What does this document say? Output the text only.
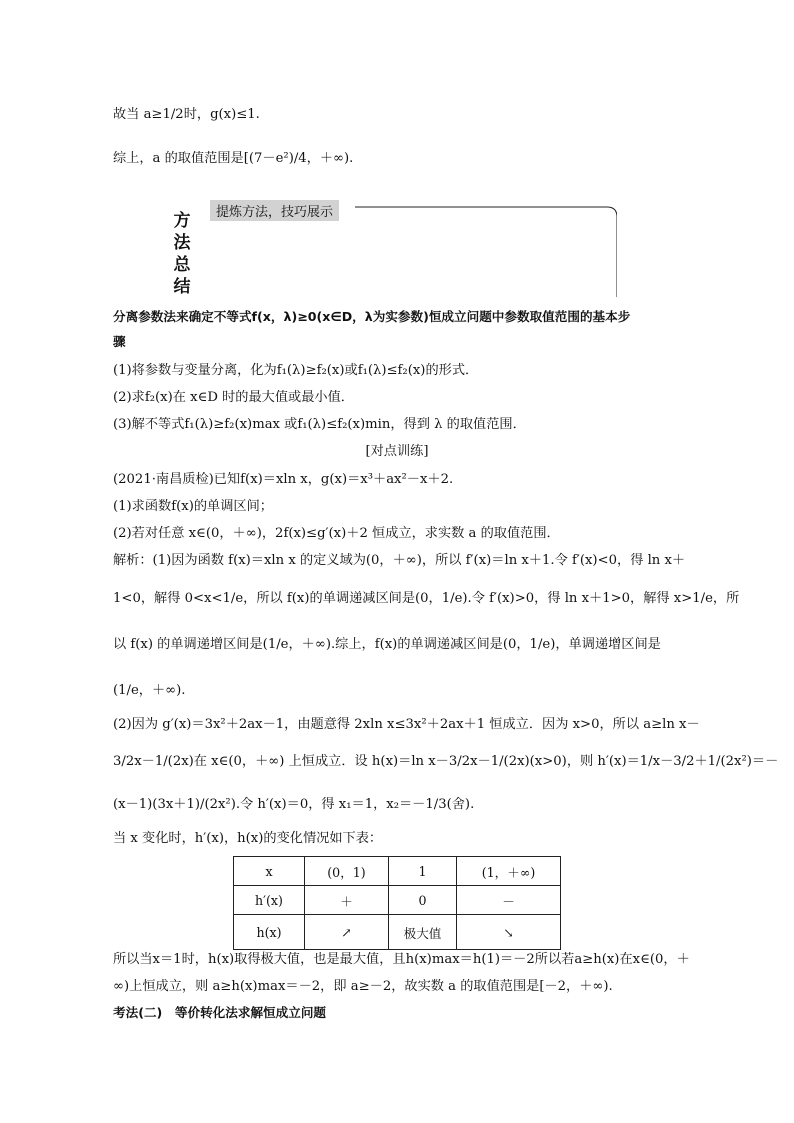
故当 a≥1/2时，g(x)≤1.
综上，a 的取值范围是[(7－e²)/4，＋∞).
提炼方法，技巧展示
方法总结
分离参数法来确定不等式f(x，λ)≥0(x∈D，λ为实参数)恒成立问题中参数取值范围的基本步
骤
(1)将参数与变量分离，化为f₁(λ)≥f₂(x)或f₁(λ)≤f₂(x)的形式．
(2)求f₂(x)在 x∈D 时的最大值或最小值．
(3)解不等式f₁(λ)≥f₂(x)max 或f₁(λ)≤f₂(x)min，得到 λ 的取值范围．
[对点训练]
(2021·南昌质检)已知f(x)＝xln x，g(x)＝x³＋ax²－x＋2.
(1)求函数f(x)的单调区间；
(2)若对任意 x∈(0，＋∞)，2f(x)≤g′(x)＋2 恒成立，求实数 a 的取值范围．
解析：(1)因为函数 f(x)＝xln x 的定义域为(0，＋∞)，所以 f′(x)＝ln x＋1.令 f′(x)<0，得 ln x＋
1<0，解得 0<x<1/e，所以 f(x)的单调递减区间是(0，1/e).令 f′(x)>0，得 ln x＋1>0，解得 x>1/e，所
以 f(x) 的单调递增区间是(1/e，＋∞).综上，f(x)的单调递减区间是(0，1/e)，单调递增区间是
(1/e，＋∞).
(2)因为 g′(x)＝3x²＋2ax－1，由题意得 2xln x≤3x²＋2ax＋1 恒成立．因为 x>0，所以 a≥ln x－
3/2x－1/(2x)在 x∈(0，＋∞) 上恒成立．设 h(x)＝ln x－3/2x－1/(2x)(x>0)，则 h′(x)＝1/x－3/2＋1/(2x²)＝－
(x－1)(3x＋1)/(2x²).令 h′(x)＝0，得 x₁＝1，x₂＝－1/3(舍).
当 x 变化时，h′(x)，h(x)的变化情况如下表：
x	(0，1)	1	(1，＋∞)
h′(x)	＋	0	－
h(x)	↗	极大值	↘
所以当x＝1时，h(x)取得极大值，也是最大值，且h(x)max＝h(1)＝－2所以若a≥h(x)在x∈(0，＋
∞)上恒成立，则 a≥h(x)max＝－2，即 a≥－2，故实数 a 的取值范围是[－2，＋∞).
考法(二)　等价转化法求解恒成立问题
